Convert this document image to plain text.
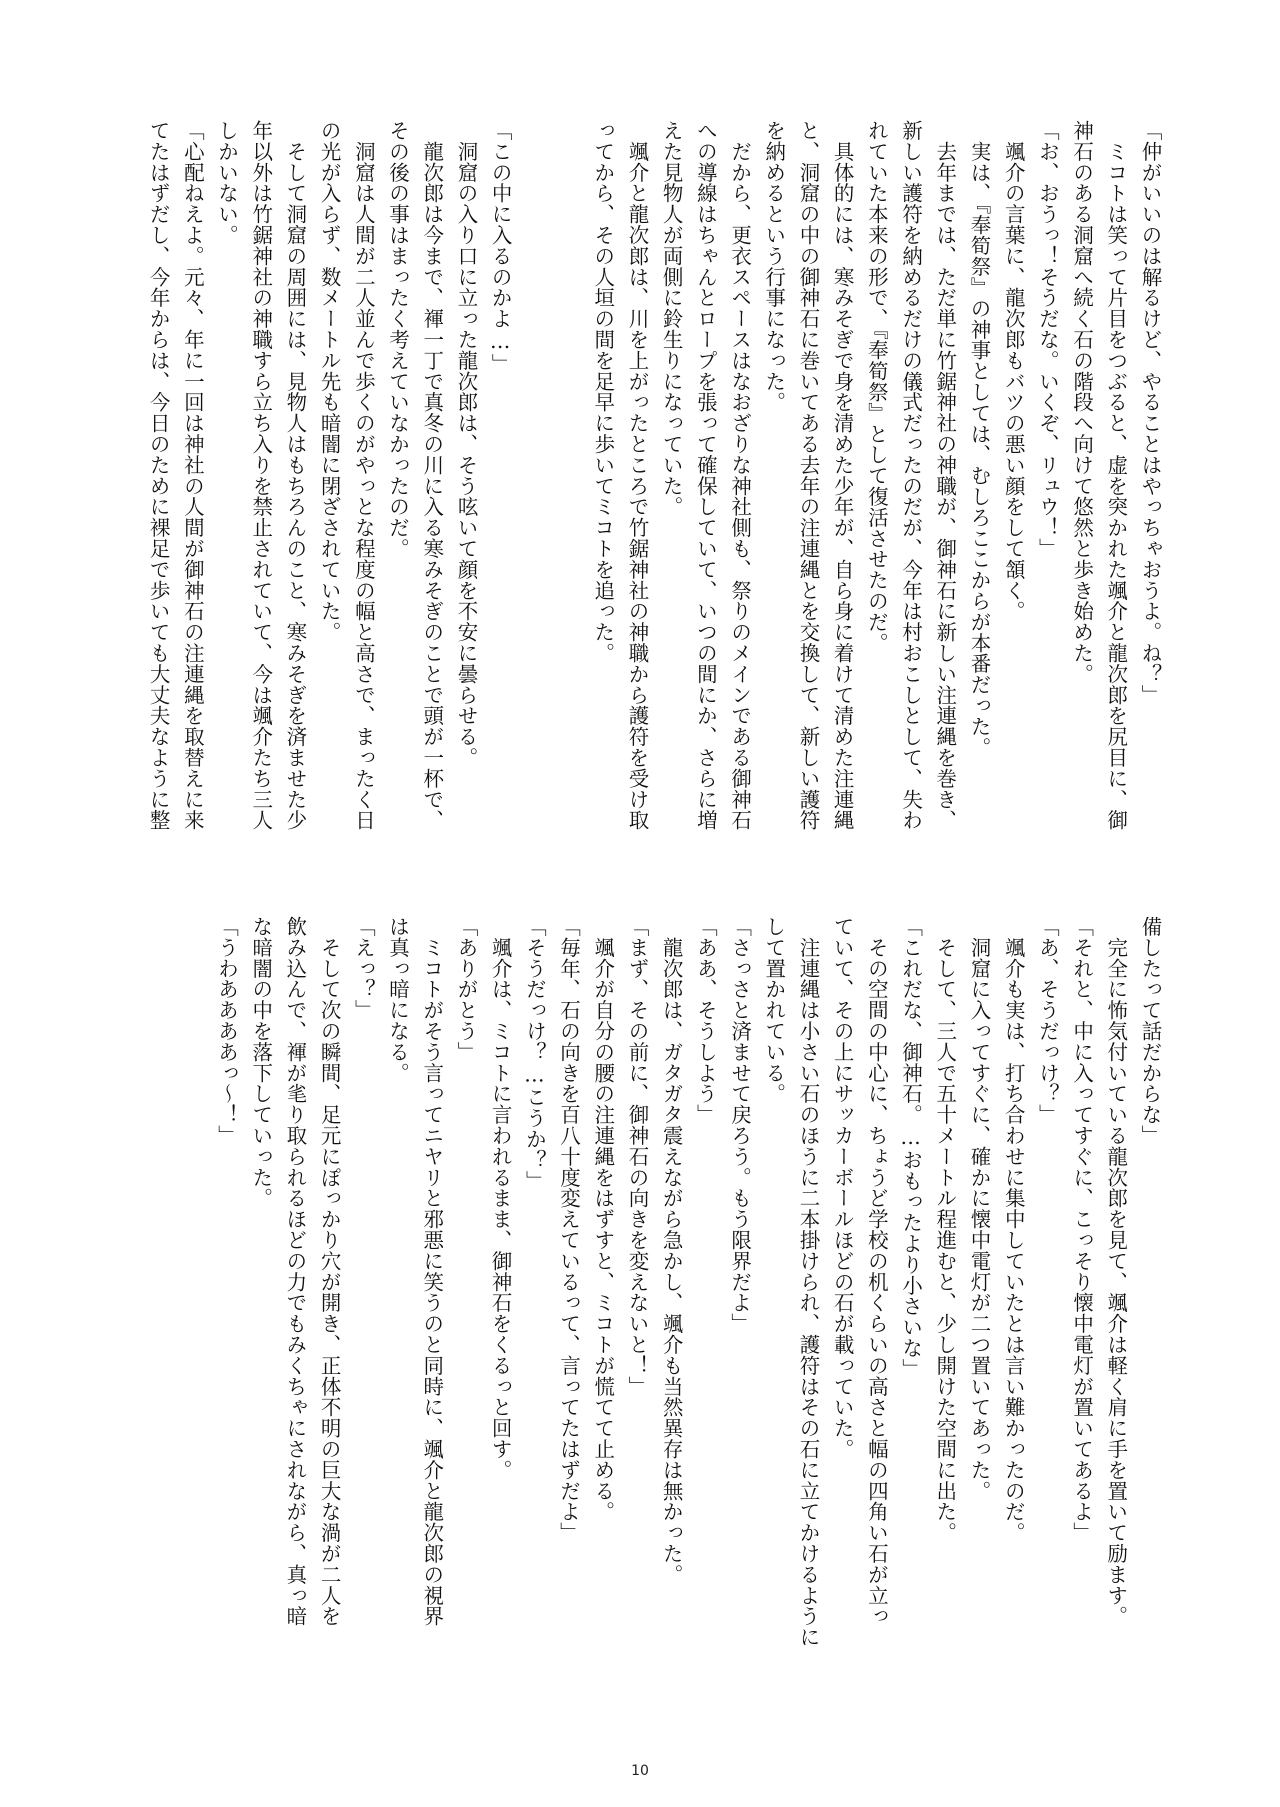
「仲がいいのは解るけど、やることはやっちゃおうよ。ね？」
　ミコトは笑って片目をつぶると、虚を突かれた颯介と龍次郎を尻目に、御
神石のある洞窟へ続く石の階段へ向けて悠然と歩き始めた。
「お、おうっ！そうだな。いくぞ、リュウ！」
　颯介の言葉に、龍次郎もバツの悪い顔をして頷く。
　実は、『奉筍祭』の神事としては、むしろここからが本番だった。
　去年までは、ただ単に竹鋸神社の神職が、御神石に新しい注連縄を巻き、
新しい護符を納めるだけの儀式だったのだが、今年は村おこしとして、失わ
れていた本来の形で、『奉筍祭』として復活させたのだ。
　具体的には、寒みそぎで身を清めた少年が、自ら身に着けて清めた注連縄
と、洞窟の中の御神石に巻いてある去年の注連縄とを交換して、新しい護符
を納めるという行事になった。
　だから、更衣スペースはなおざりな神社側も、祭りのメインである御神石
への導線はちゃんとロープを張って確保していて、いつの間にか、さらに増
えた見物人が両側に鈴生りになっていた。
　颯介と龍次郎は、川を上がったところで竹鋸神社の神職から護符を受け取
ってから、その人垣の間を足早に歩いてミコトを追った。

「この中に入るのかよ…」
　洞窟の入り口に立った龍次郎は、そう呟いて顔を不安に曇らせる。
　龍次郎は今まで、褌一丁で真冬の川に入る寒みそぎのことで頭が一杯で、
その後の事はまったく考えていなかったのだ。
　洞窟は人間が二人並んで歩くのがやっとな程度の幅と高さで、まったく日
の光が入らず、数メートル先も暗闇に閉ざされていた。
　そして洞窟の周囲には、見物人はもちろんのこと、寒みそぎを済ませた少
年以外は竹鋸神社の神職すら立ち入りを禁止されていて、今は颯介たち三人
しかいない。
「心配ねえよ。元々、年に一回は神社の人間が御神石の注連縄を取替えに来
てたはずだし、今年からは、今日のために裸足で歩いても大丈夫なように整
備したって話だからな」
　完全に怖気付いている龍次郎を見て、颯介は軽く肩に手を置いて励ます。
「それと、中に入ってすぐに、こっそり懐中電灯が置いてあるよ」
「あ、そうだっけ？」
　颯介も実は、打ち合わせに集中していたとは言い難かったのだ。
　洞窟に入ってすぐに、確かに懐中電灯が二つ置いてあった。
　そして、三人で五十メートル程進むと、少し開けた空間に出た。
「これだな、御神石。…おもったより小さいな」
　その空間の中心に、ちょうど学校の机くらいの高さと幅の四角い石が立っ
ていて、その上にサッカーボールほどの石が載っていた。
　注連縄は小さい石のほうに二本掛けられ、護符はその石に立てかけるように
して置かれている。
「さっさと済ませて戻ろう。もう限界だよ」
「ああ、そうしよう」
　龍次郎は、ガタガタ震えながら急かし、颯介も当然異存は無かった。
「まず、その前に、御神石の向きを変えないと！」
　颯介が自分の腰の注連縄をはずすと、ミコトが慌てて止める。
「毎年、石の向きを百八十度変えているって、言ってたはずだよ」
「そうだっけ？…こうか？」
　颯介は、ミコトに言われるまま、御神石をくるっと回す。
「ありがとう」
　ミコトがそう言ってニヤリと邪悪に笑うのと同時に、颯介と龍次郎の視界
は真っ暗になる。
「えっ？」
　そして次の瞬間、足元にぽっかり穴が開き、正体不明の巨大な渦が二人を
飲み込んで、褌が毟り取られるほどの力でもみくちゃにされながら、真っ暗
な暗闇の中を落下していった。
「うわああああっ～！」
10
